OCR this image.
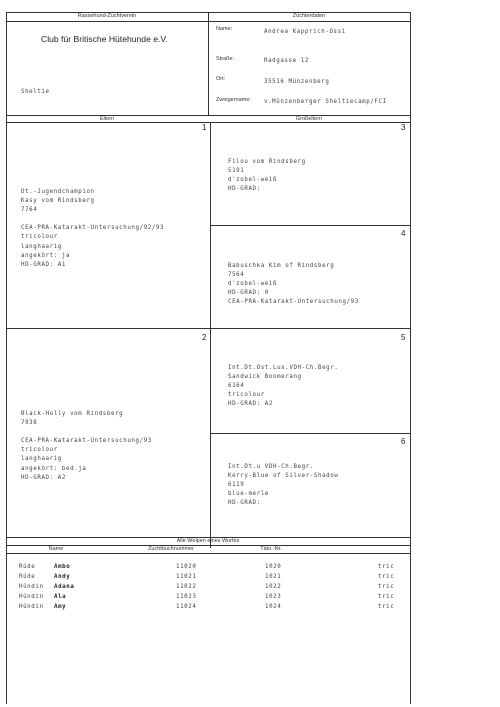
Rassehund-Zuchtverein	Züchterdaten
Club für Britische Hütehunde e.V.
Sheltie
Name:	Andrea Kapprich-Ossi
Straße:	Radgasse 12
Ort:	35516 Münzenberg
Zwingername: v.Münzenberger Sheltiecamp/FCI
Eltern	Großeltern
1
2
3
4
5
6
Dt.-Jugendchampion
Kasy vom Rindsberg
7764
CEA-PRA-Katarakt-Untersuchung/92/93
tricolour
langhaarig
angekört: ja
HD-GRAD: A1
Black-Holly vom Rindsberg
7938
CEA-PRA-Katarakt-Untersuchung/93
tricolour
langhaarig
angekört: bed.ja
HD-GRAD: A2
Filou vom Rindsberg
5191
d'zobel-weiß
HD-GRAD:
Babuschka Kim of Rindsberg
7564
d'zobel-weiß
HD-GRAD: 0
CEA-PRA-Katarakt-Untersuchung/93
Int.Dt.Ost.Lux.VDH-Ch.Begr.
Sandwick Boomerang
6164
tricolour
HD-GRAD: A2
Int.Dt.u VDH-Ch.Begr.
Kerry-Blue of Silver-Shadow
6119
blue-merle
HD-GRAD:
Alle Welpen eines Wurfes
Name	Zuchtbuchnummer	Täto.-Nr.
Rüde	Ambo	11020	1020	tric
Rüde	Andy	11021	1021	tric
Hündin Adana	11022	1022	tric
Hündin Ala	11023	1023	tric
Hündin Amy	11024	1024	tric
